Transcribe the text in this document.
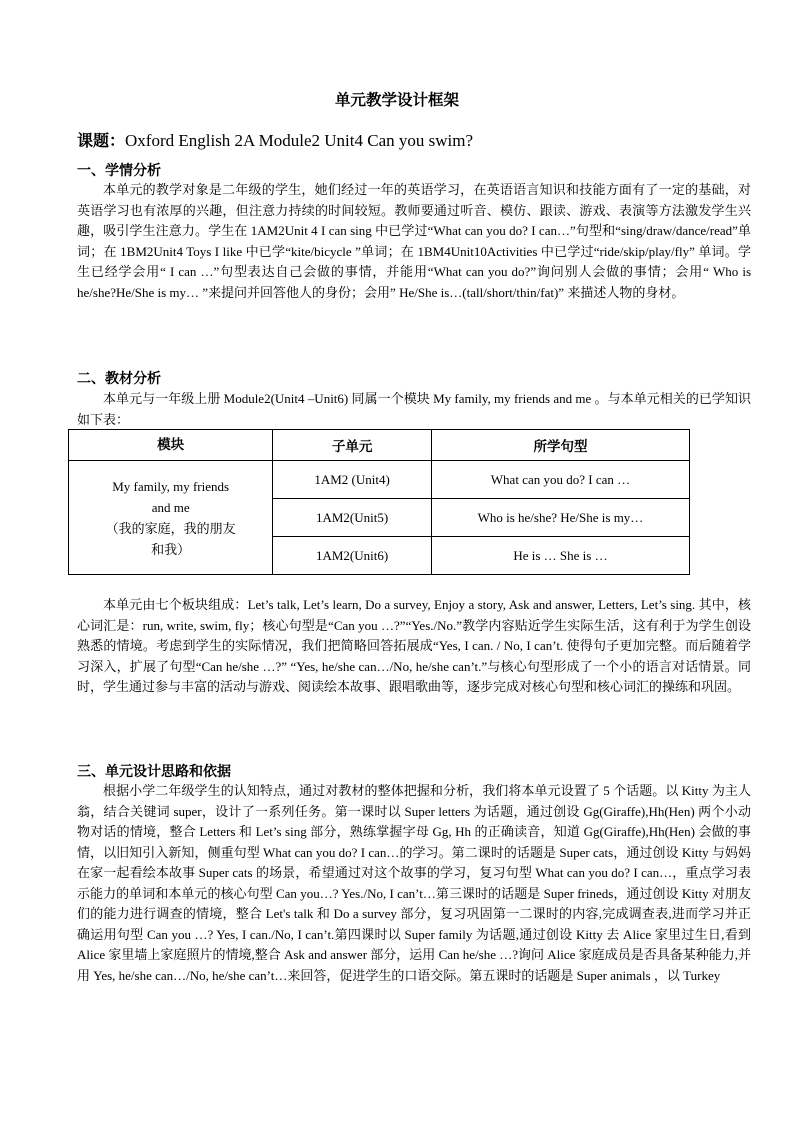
单元教学设计框架
课题：Oxford English 2A Module2 Unit4 Can you swim?
一、学情分析

本单元的教学对象是二年级的学生，她们经过一年的英语学习，在英语语言知识和技能方面有了一定的基础，对英语学习也有浓厚的兴趣，但注意力持续的时间较短。教师要通过听音、模仿、跟读、游戏、表演等方法激发学生兴趣，吸引学生注意力。学生在 1AM2Unit 4 I can sing 中已学过“What can you do? I can…”句型和“sing/draw/dance/read”单词；在 1BM2Unit4 Toys I like 中已学“kite/bicycle ”单词；在 1BM4Unit10Activities 中已学过“ride/skip/play/fly” 单词。学生已经学会用“ I can …”句型表达自己会做的事情，并能用“What can you do?”询问别人会做的事情；会用“ Who is he/she?He/She is my… ”来提问并回答他人的身份；会用” He/She is…(tall/short/thin/fat)” 来描述人物的身材。

二、教材分析

本单元与一年级上册 Module2(Unit4 –Unit6) 同属一个模块 My family, my friends and me 。与本单元相关的已学知识如下表：

模块	子单元	所学句型

My family, my friends
and me
（我的家庭，我的朋友
和我）	1AM2 (Unit4)	What can you do? I can …
	1AM2(Unit5)	Who is he/she? He/She is my…
	1AM2(Unit6)	He is … She is …

本单元由七个板块组成：Let’s talk, Let’s learn, Do a survey, Enjoy a story, Ask and answer, Letters, Let’s sing. 其中，核心词汇是：run, write, swim, fly；核心句型是“Can you …?”“Yes./No.”教学内容贴近学生实际生活，这有利于为学生创设熟悉的情境。考虑到学生的实际情况，我们把简略回答拓展成“Yes, I can. / No, I can’t. 使得句子更加完整。而后随着学习深入，扩展了句型“Can he/she …?” “Yes, he/she can…/No, he/she can’t.”与核心句型形成了一个小的语言对话情景。同时，学生通过参与丰富的活动与游戏、阅读绘本故事、跟唱歌曲等，逐步完成对核心句型和核心词汇的操练和巩固。

三、单元设计思路和依据

根据小学二年级学生的认知特点，通过对教材的整体把握和分析，我们将本单元设置了 5 个话题。以 Kitty 为主人翁，结合关键词 super，设计了一系列任务。第一课时以 Super letters 为话题，通过创设 Gg(Giraffe),Hh(Hen) 两个小动物对话的情境，整合 Letters 和 Let’s sing 部分，熟练掌握字母 Gg, Hh 的正确读音，知道 Gg(Giraffe),Hh(Hen) 会做的事情，以旧知引入新知，侧重句型 What can you do? I can…的学习。第二课时的话题是 Super cats，通过创设 Kitty 与妈妈在家一起看绘本故事 Super cats 的场景，希望通过对这个故事的学习，复习句型 What can you do? I can…，重点学习表示能力的单词和本单元的核心句型 Can you…? Yes./No, I can’t…第三课时的话题是 Super frineds，通过创设 Kitty 对朋友们的能力进行调查的情境，整合 Let's talk 和 Do a survey 部分，复习巩固第一二课时的内容,完成调查表,进而学习并正确运用句型 Can you …? Yes, I can./No, I can’t.第四课时以 Super family 为话题,通过创设 Kitty 去 Alice 家里过生日,看到 Alice 家里墙上家庭照片的情境,整合 Ask and answer 部分，运用 Can he/she …?询问 Alice 家庭成员是否具备某种能力,并用 Yes, he/she can…/No, he/she can’t…来回答，促进学生的口语交际。第五课时的话题是 Super animals ，以 Turkey
